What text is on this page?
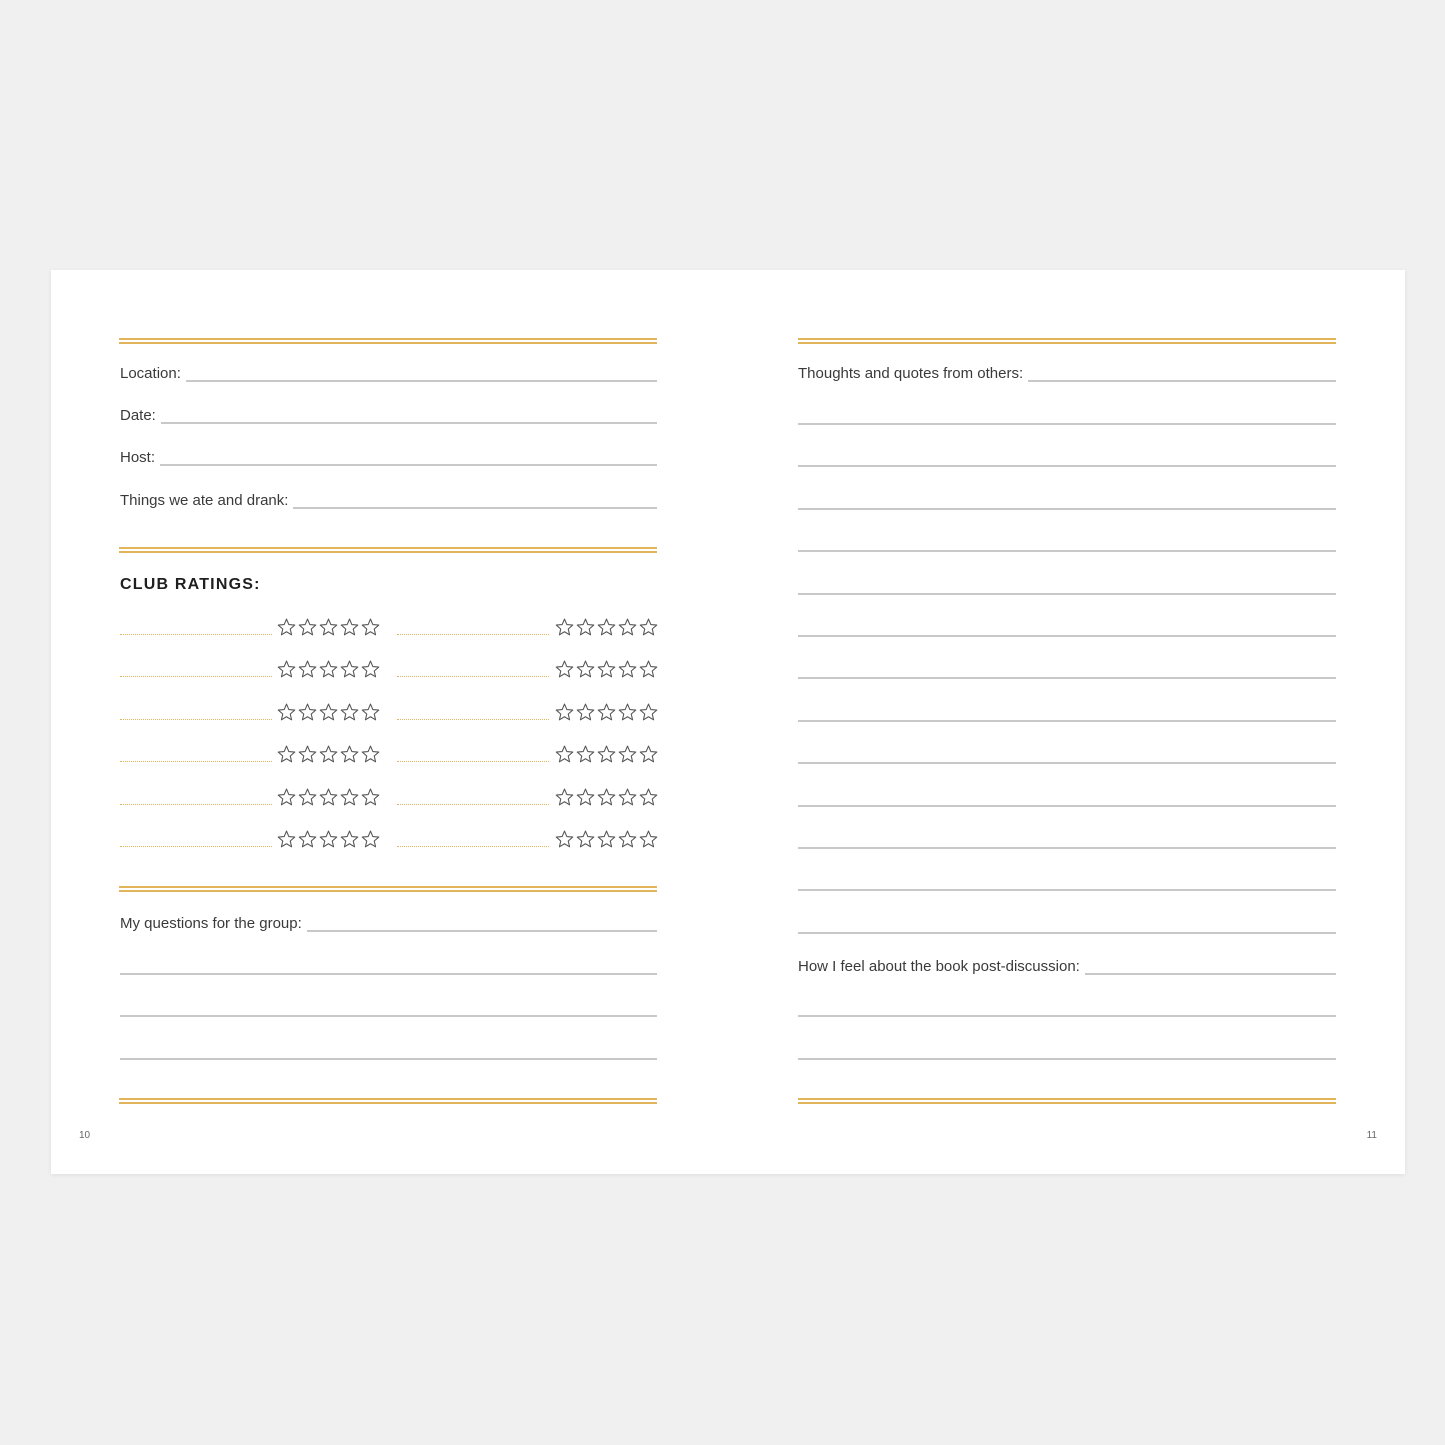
Location:
Date:
Host:
Things we ate and drank:
CLUB RATINGS:
My questions for the group:
10
Thoughts and quotes from others:
How I feel about the book post-discussion:
11
